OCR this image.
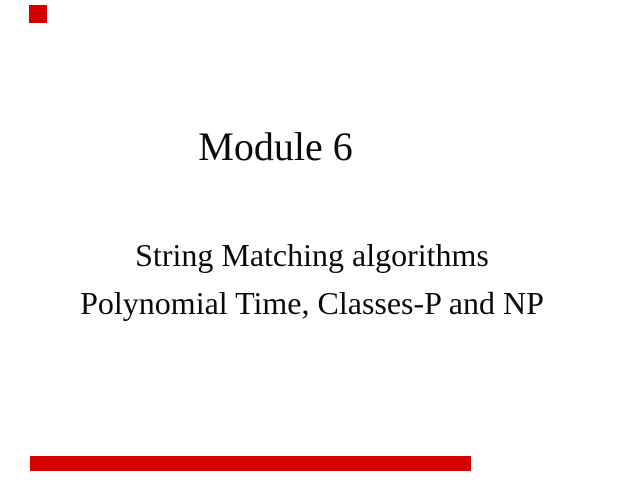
Module 6
String Matching algorithms
Polynomial Time, Classes-P and NP
